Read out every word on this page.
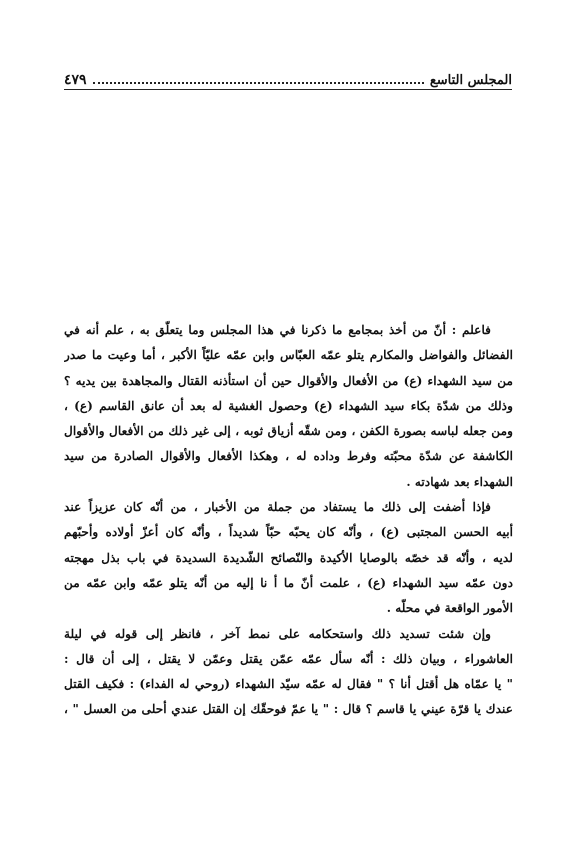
المجلس التاسع
٤٧٩
فاعلم : أنّ من أخذ بمجامع ما ذكرنا في هذا المجلس وما يتعلّق به ، علم أنه في
الفضائل والفواضل والمكارم يتلو عمّه العبّاس وابن عمّه عليّاً الأكبر ، أما وعيت ما صدر
من سيد الشهداء (ع) من الأفعال والأقوال حين أن استأذنه القتال والمجاهدة بين يديه ؟
وذلك من شدّة بكاء سيد الشهداء (ع) وحصول الغشية له بعد أن عانق القاسم (ع) ،
ومن جعله لباسه بصورة الكفن ، ومن شقّه أزياق ثوبه ، إلى غير ذلك من الأفعال والأقوال
الكاشفة عن شدّة محبّته وفرط وداده له ، وهكذا الأفعال والأقوال الصادرة من سيد
الشهداء بعد شهادته .
فإذا أضفت إلى ذلك ما يستفاد من جملة من الأخبار ، من أنّه كان عزيزاً عند
أبيه الحسن المجتبى (ع) ، وأنّه كان يحبّه حبّاً شديداً ، وأنّه كان أعزّ أولاده وأحبّهم
لديه ، وأنّه قد خصّه بالوصايا الأكيدة والنّصائح الشّديدة السديدة في باب بذل مهجته
دون عمّه سيد الشهداء (ع) ، علمت أنّ ما أ نا إليه من أنّه يتلو عمّه وابن عمّه من
الأمور الواقعة في محلّه .
وإن شئت تسديد ذلك واستحكامه على نمط آخر ، فانظر إلى قوله في ليلة
العاشوراء ، وبيان ذلك : أنّه سأل عمّه عمّن يقتل وعمّن لا يقتل ، إلى أن قال :
" يا عمّاه هل أقتل أنا ؟ " فقال له عمّه سيّد الشهداء (روحي له الفداء) : فكيف القتل
عندك يا قرّة عيني يا قاسم ؟ قال : " يا عمّ فوحقّك إن القتل عندي أحلى من العسل " ،
